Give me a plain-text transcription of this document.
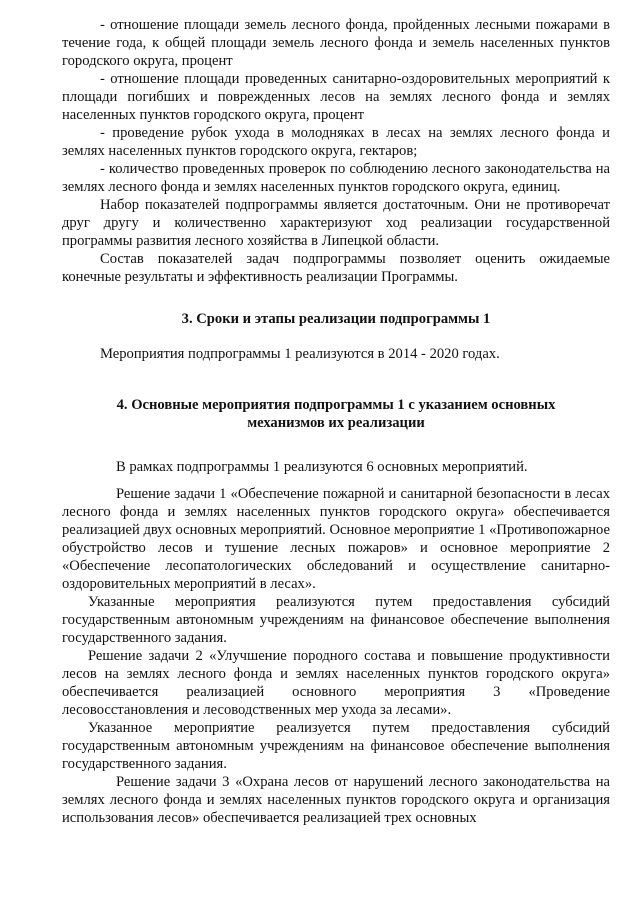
- отношение площади земель лесного фонда, пройденных лесными пожарами в течение года, к общей площади земель лесного фонда и земель населенных пунктов городского округа, процент

- отношение площади проведенных санитарно-оздоровительных мероприятий к площади погибших и поврежденных лесов на землях лесного фонда и землях населенных пунктов городского округа, процент

- проведение рубок ухода в молодняках в лесах на землях лесного фонда и землях населенных пунктов городского округа, гектаров;

- количество проведенных проверок по соблюдению лесного законодательства на землях лесного фонда и землях населенных пунктов городского округа, единиц.

Набор показателей подпрограммы является достаточным. Они не противоречат друг другу и количественно характеризуют ход реализации государственной программы развития лесного хозяйства в Липецкой области.

Состав показателей задач подпрограммы позволяет оценить ожидаемые конечные результаты и эффективность реализации Программы.

3. Сроки и этапы реализации подпрограммы 1

Мероприятия подпрограммы 1 реализуются в 2014 - 2020 годах.

4. Основные мероприятия подпрограммы 1 с указанием основных
механизмов их реализации

В рамках подпрограммы 1 реализуются 6 основных мероприятий.

Решение задачи 1 «Обеспечение пожарной и санитарной безопасности в лесах лесного фонда и землях населенных пунктов городского округа» обеспечивается реализацией двух основных мероприятий. Основное мероприятие 1 «Противопожарное обустройство лесов и тушение лесных пожаров» и основное мероприятие 2 «Обеспечение лесопатологических обследований и осуществление санитарно-оздоровительных мероприятий в лесах».

Указанные мероприятия реализуются путем предоставления субсидий государственным автономным учреждениям на финансовое обеспечение выполнения государственного задания.

Решение задачи 2 «Улучшение породного состава и повышение продуктивности лесов на землях лесного фонда и землях населенных пунктов городского округа» обеспечивается реализацией основного мероприятия 3 «Проведение лесовосстановления и лесоводственных мер ухода за лесами».

Указанное мероприятие реализуется путем предоставления субсидий государственным автономным учреждениям на финансовое обеспечение выполнения государственного задания.

Решение задачи 3 «Охрана лесов от нарушений лесного законодательства на землях лесного фонда и землях населенных пунктов городского округа и организация использования лесов» обеспечивается реализацией трех основных
